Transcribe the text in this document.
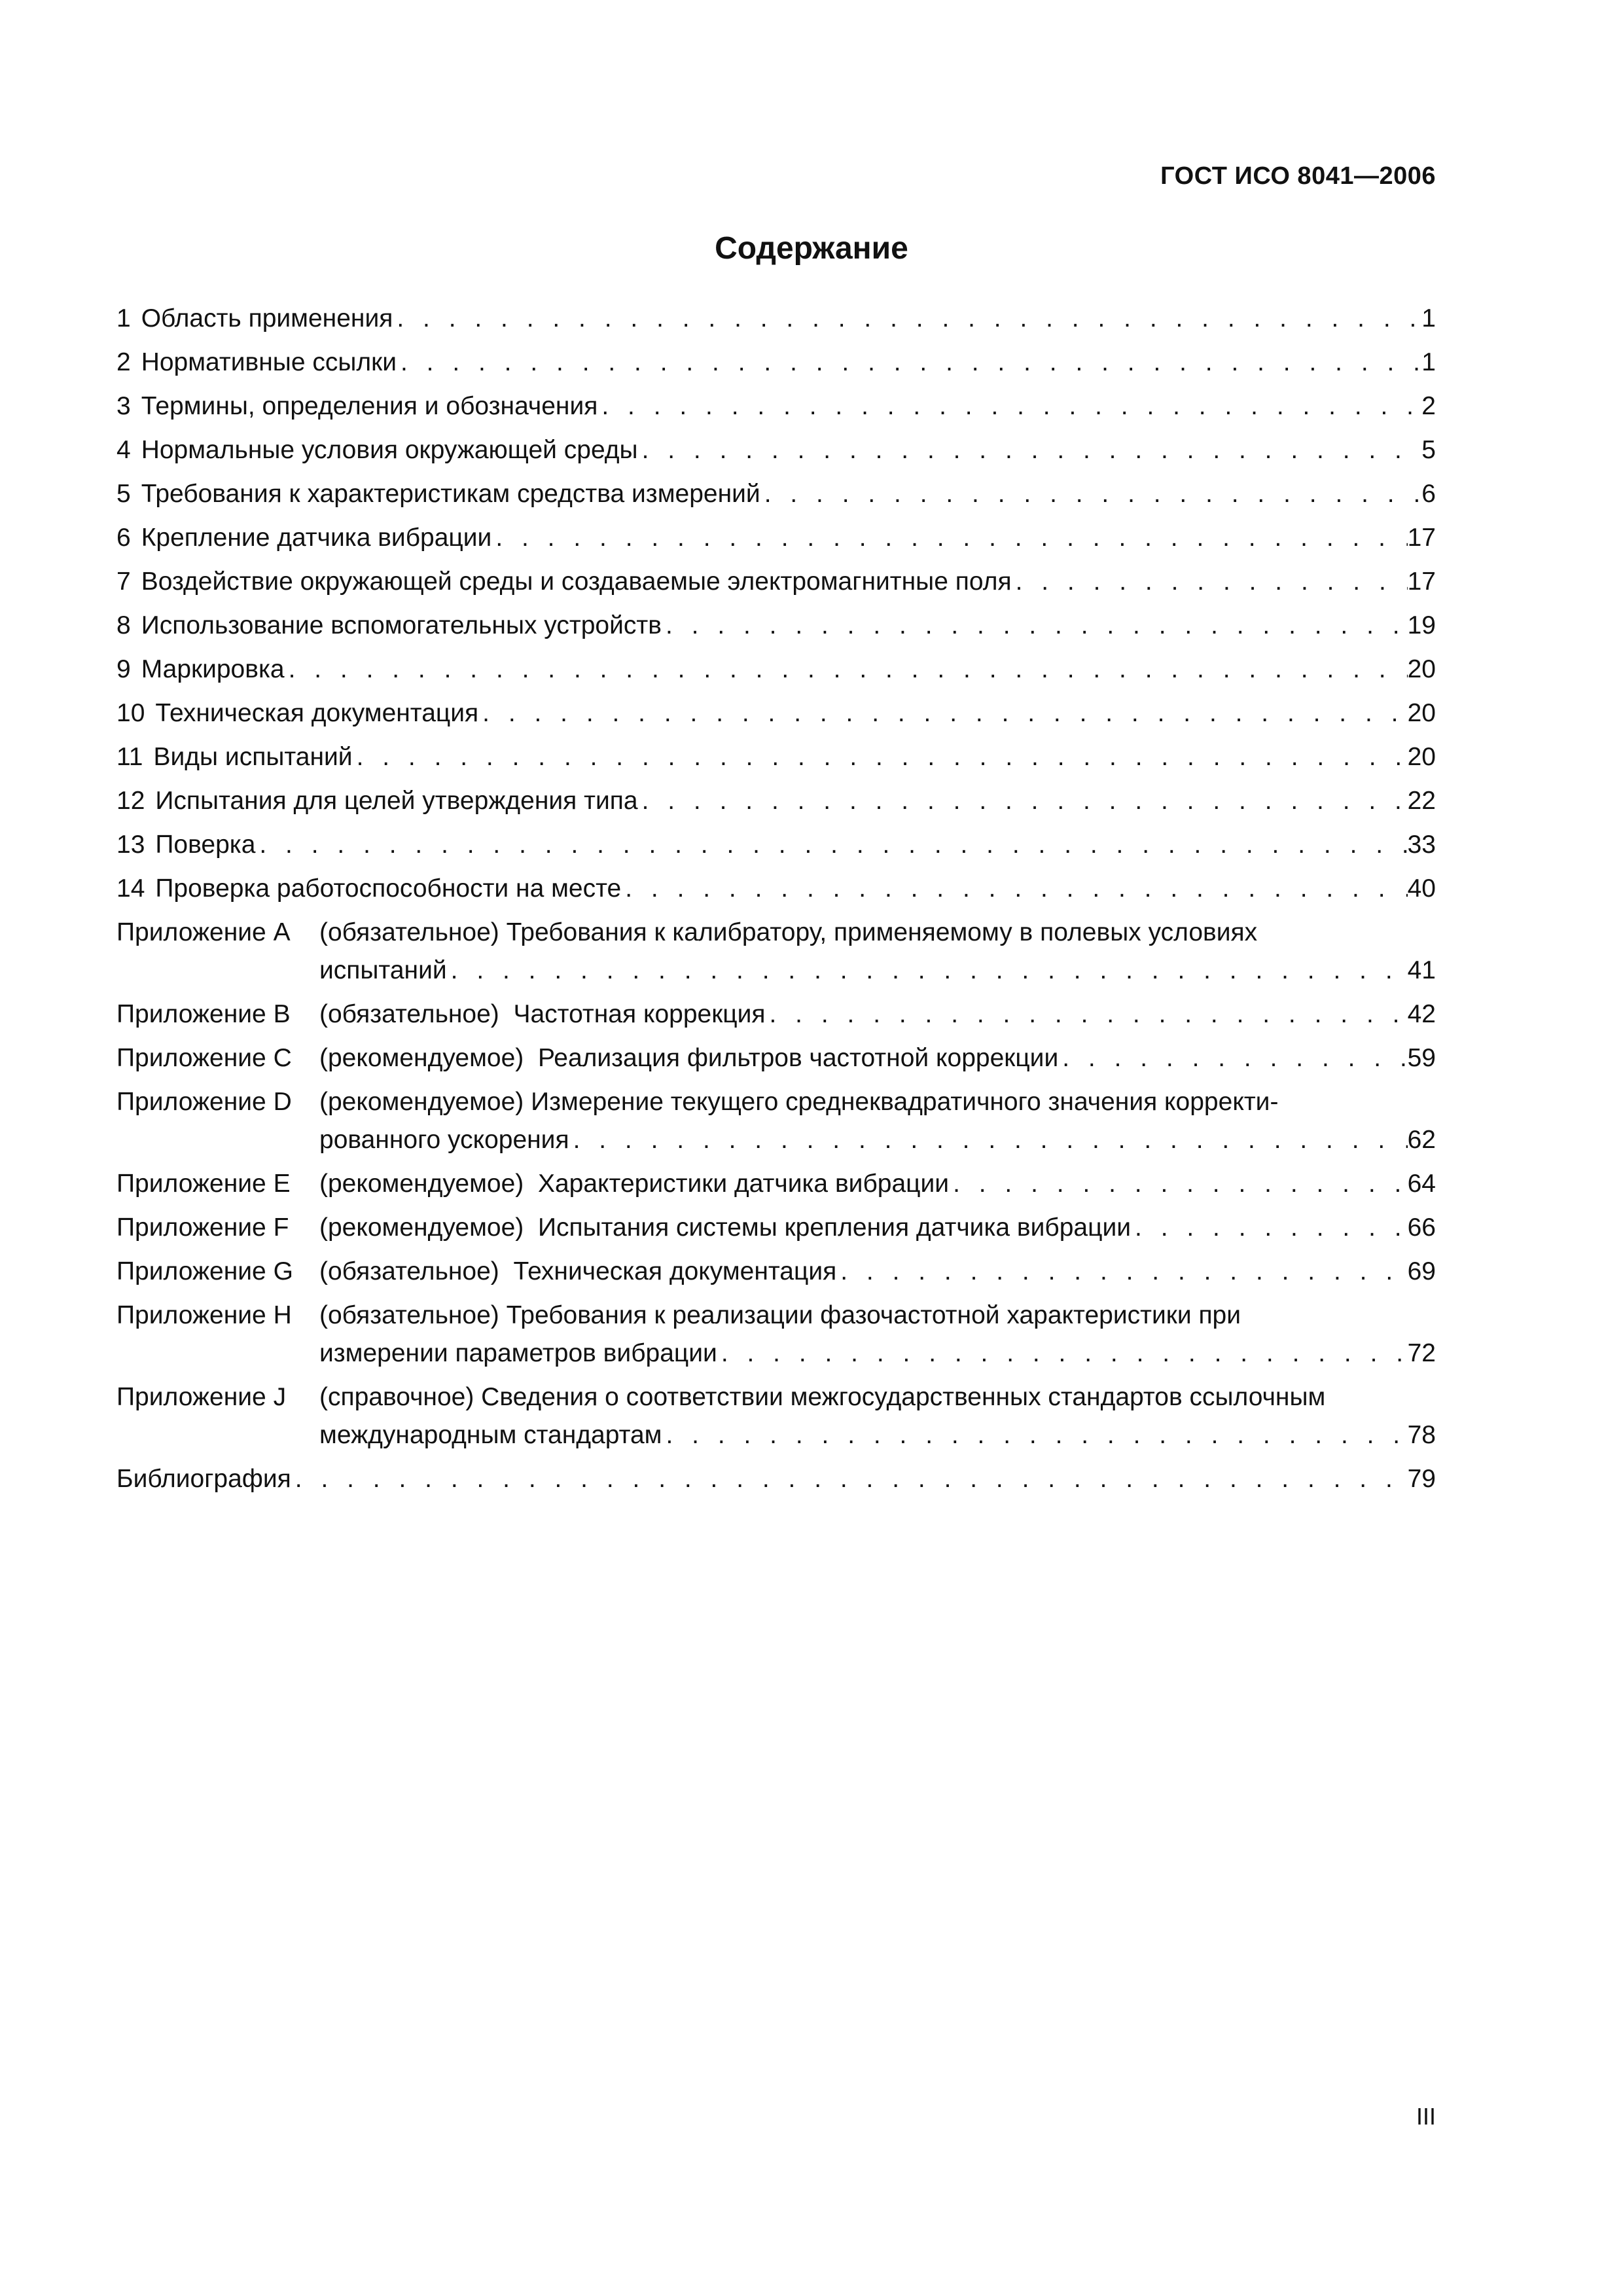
ГОСТ ИСО 8041—2006
Содержание
1 Область применения . . .	1
2 Нормативные ссылки . . .	1
3 Термины, определения и обозначения . . .	2
4 Нормальные условия окружающей среды . . .	5
5 Требования к характеристикам средства измерений . . .	6
6 Крепление датчика вибрации . . .	17
7 Воздействие окружающей среды и создаваемые электромагнитные поля . . .	17
8 Использование вспомогательных устройств . . .	19
9 Маркировка . . .	20
10 Техническая документация . . .	20
11 Виды испытаний . . .	20
12 Испытания для целей утверждения типа . . .	22
13 Поверка . . .	33
14 Проверка работоспособности на месте . . .	40
Приложение А	(обязательное) Требования к калибратору, применяемому в полевых условиях
испытаний . . .	41
Приложение В	(обязательное)  Частотная коррекция . . .	42
Приложение С	(рекомендуемое)  Реализация фильтров частотной коррекции . . .	59
Приложение D	(рекомендуемое) Измерение текущего среднеквадратичного значения корректи-
рованного ускорения . . .	62
Приложение Е	(рекомендуемое)  Характеристики датчика вибрации . . .	64
Приложение F	(рекомендуемое)  Испытания системы крепления датчика вибрации . . .	66
Приложение G	(обязательное)  Техническая документация . . .	69
Приложение Н	(обязательное) Требования к реализации фазочастотной характеристики при
измерении параметров вибрации . . .	72
Приложение J	(справочное) Сведения о соответствии межгосударственных стандартов ссылочным
международным стандартам . . .	78
Библиография . . .	79
III
